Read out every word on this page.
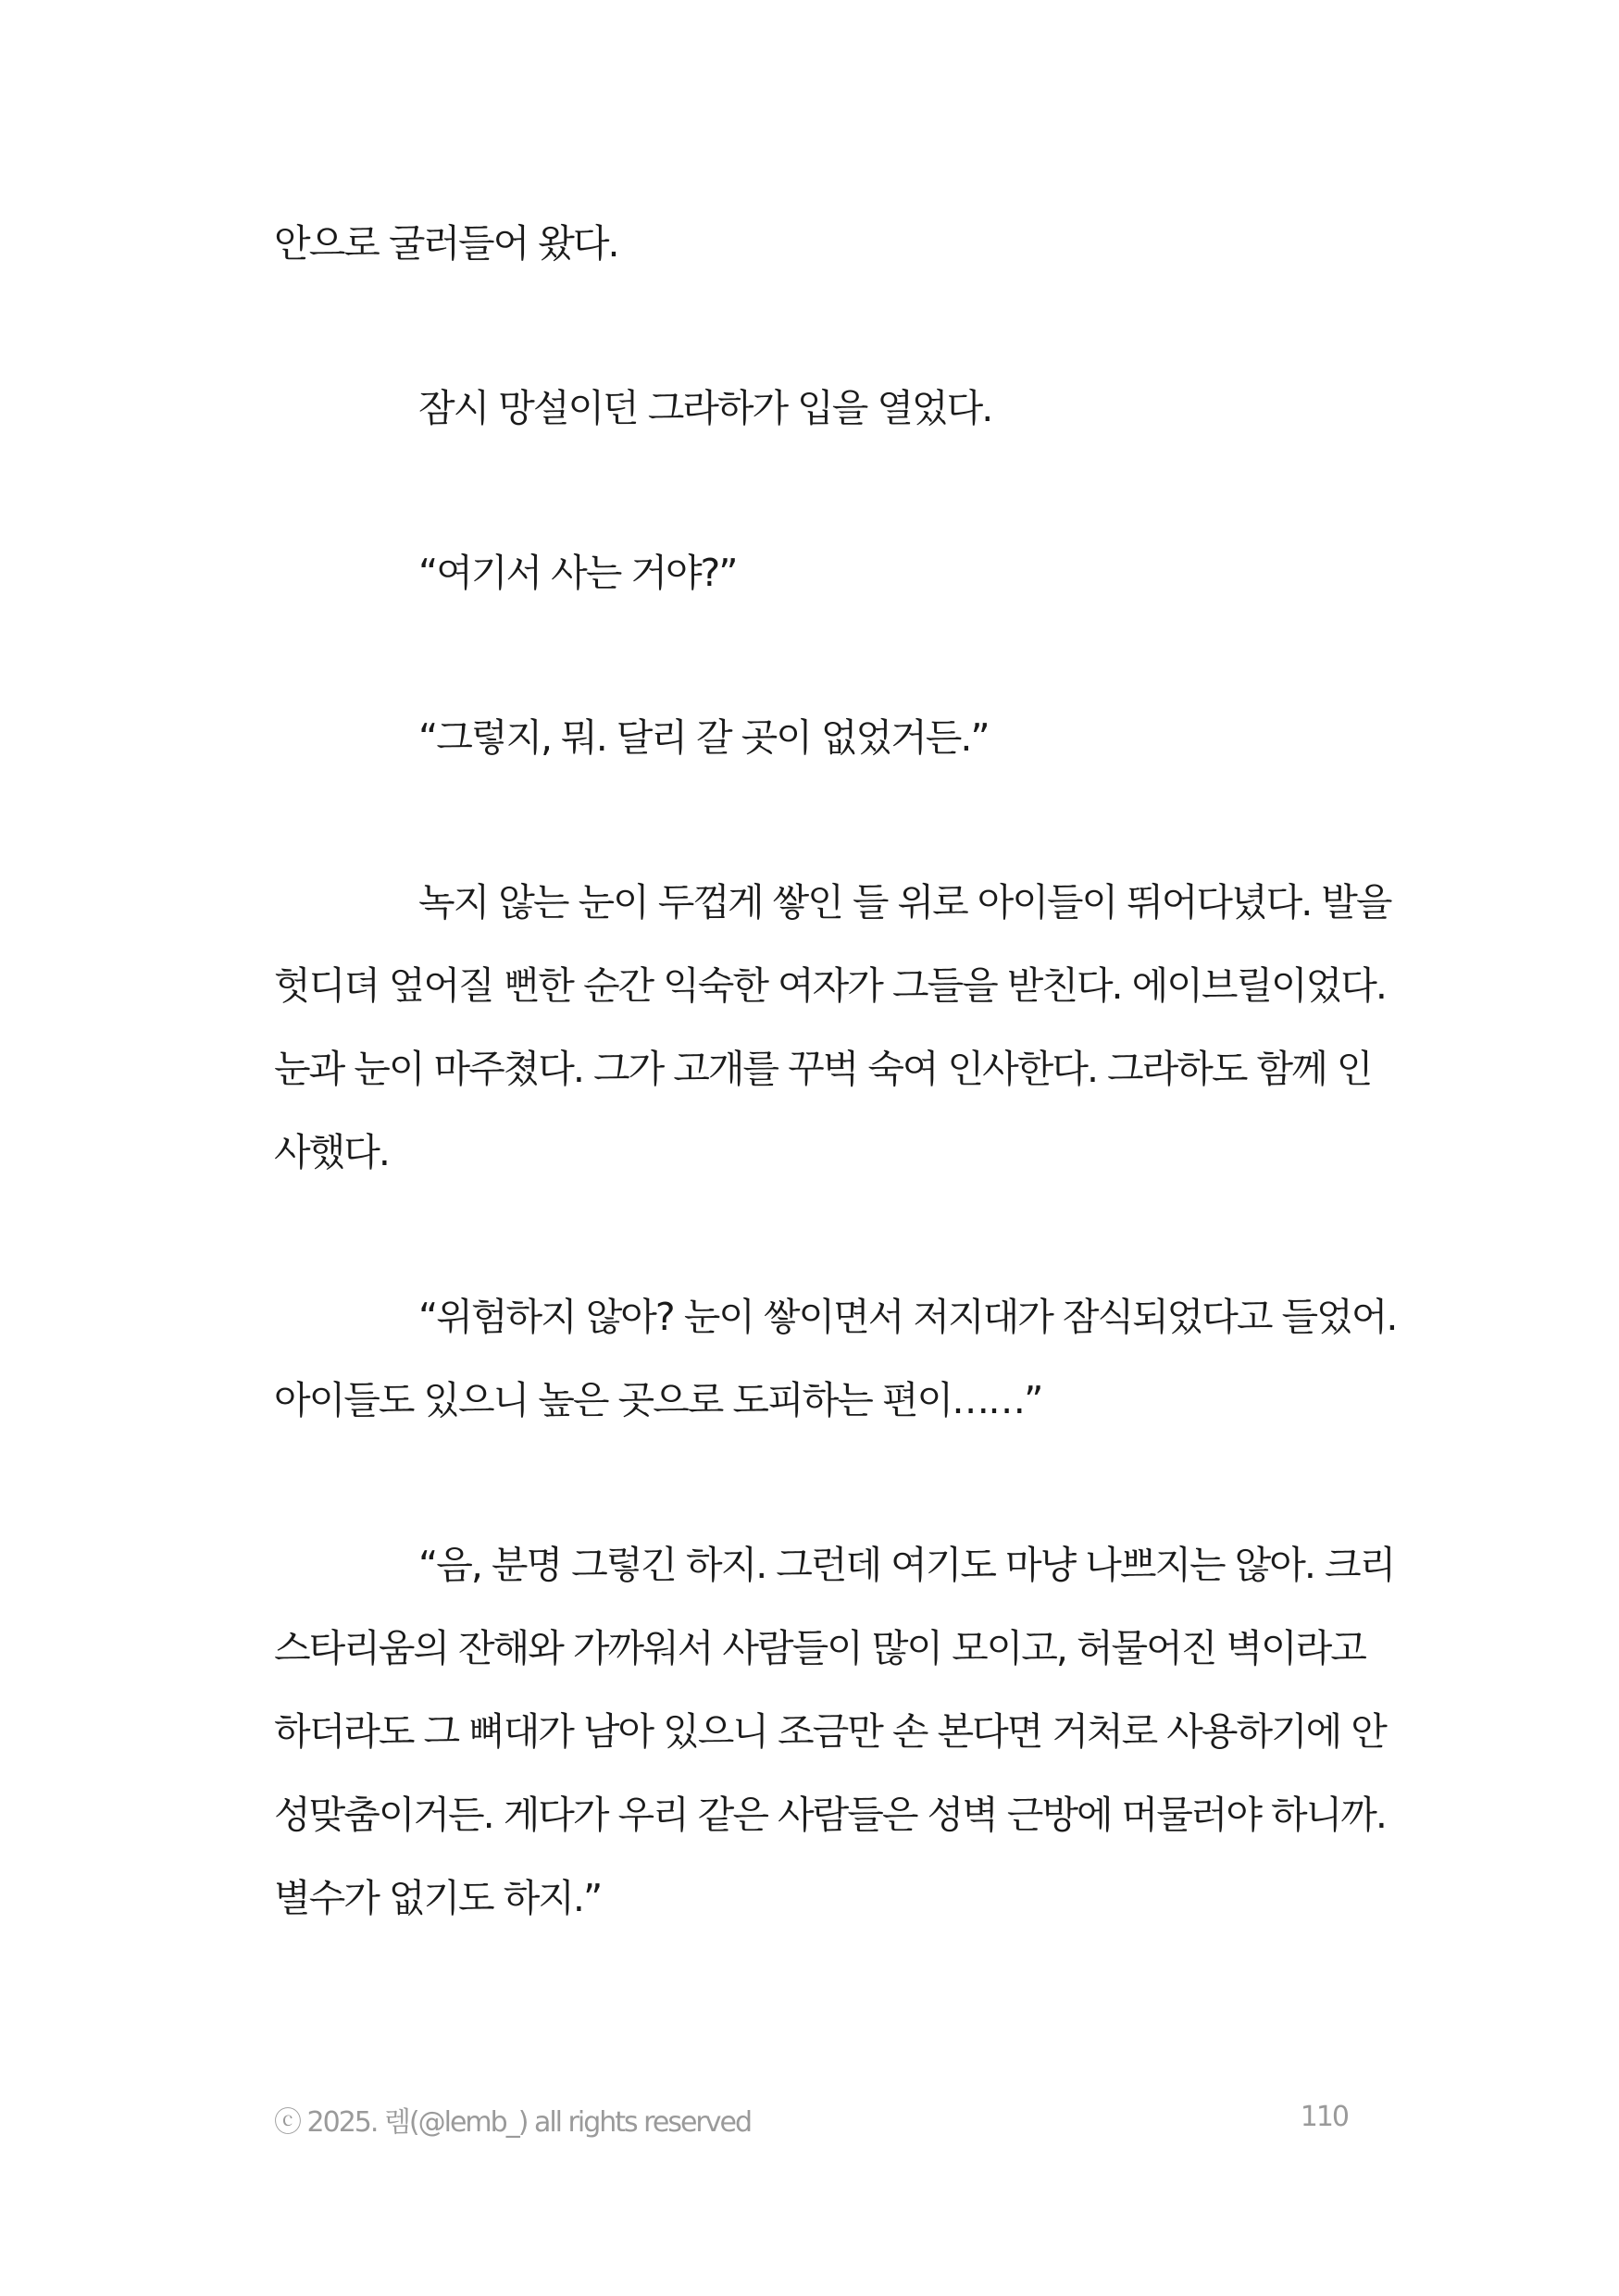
안으로 굴러들어 왔다.

잠시 망설이던 그라하가 입을 열었다.

“여기서 사는 거야?”

“그렇지, 뭐. 달리 갈 곳이 없었거든.”

녹지 않는 눈이 두껍게 쌓인 들 위로 아이들이 뛰어다녔다. 발을
헛디뎌 엎어질 뻔한 순간 익숙한 여자가 그들을 받친다. 에이브릴이었다.
눈과 눈이 마주쳤다. 그가 고개를 꾸벅 숙여 인사한다. 그라하도 함께 인
사했다.

“위험하지 않아? 눈이 쌓이면서 저지대가 잠식되었다고 들었어.
아이들도 있으니 높은 곳으로 도피하는 편이……”

“음, 분명 그렇긴 하지. 그런데 여기도 마냥 나쁘지는 않아. 크리
스타리움의 잔해와 가까워서 사람들이 많이 모이고, 허물어진 벽이라고
하더라도 그 뼈대가 남아 있으니 조금만 손 본다면 거처로 사용하기에 안
성맞춤이거든. 게다가 우리 같은 사람들은 성벽 근방에 머물러야 하니까.
별수가 없기도 하지.”

ⓒ 2025. 렘(@lemb_) all rights reserved	110
